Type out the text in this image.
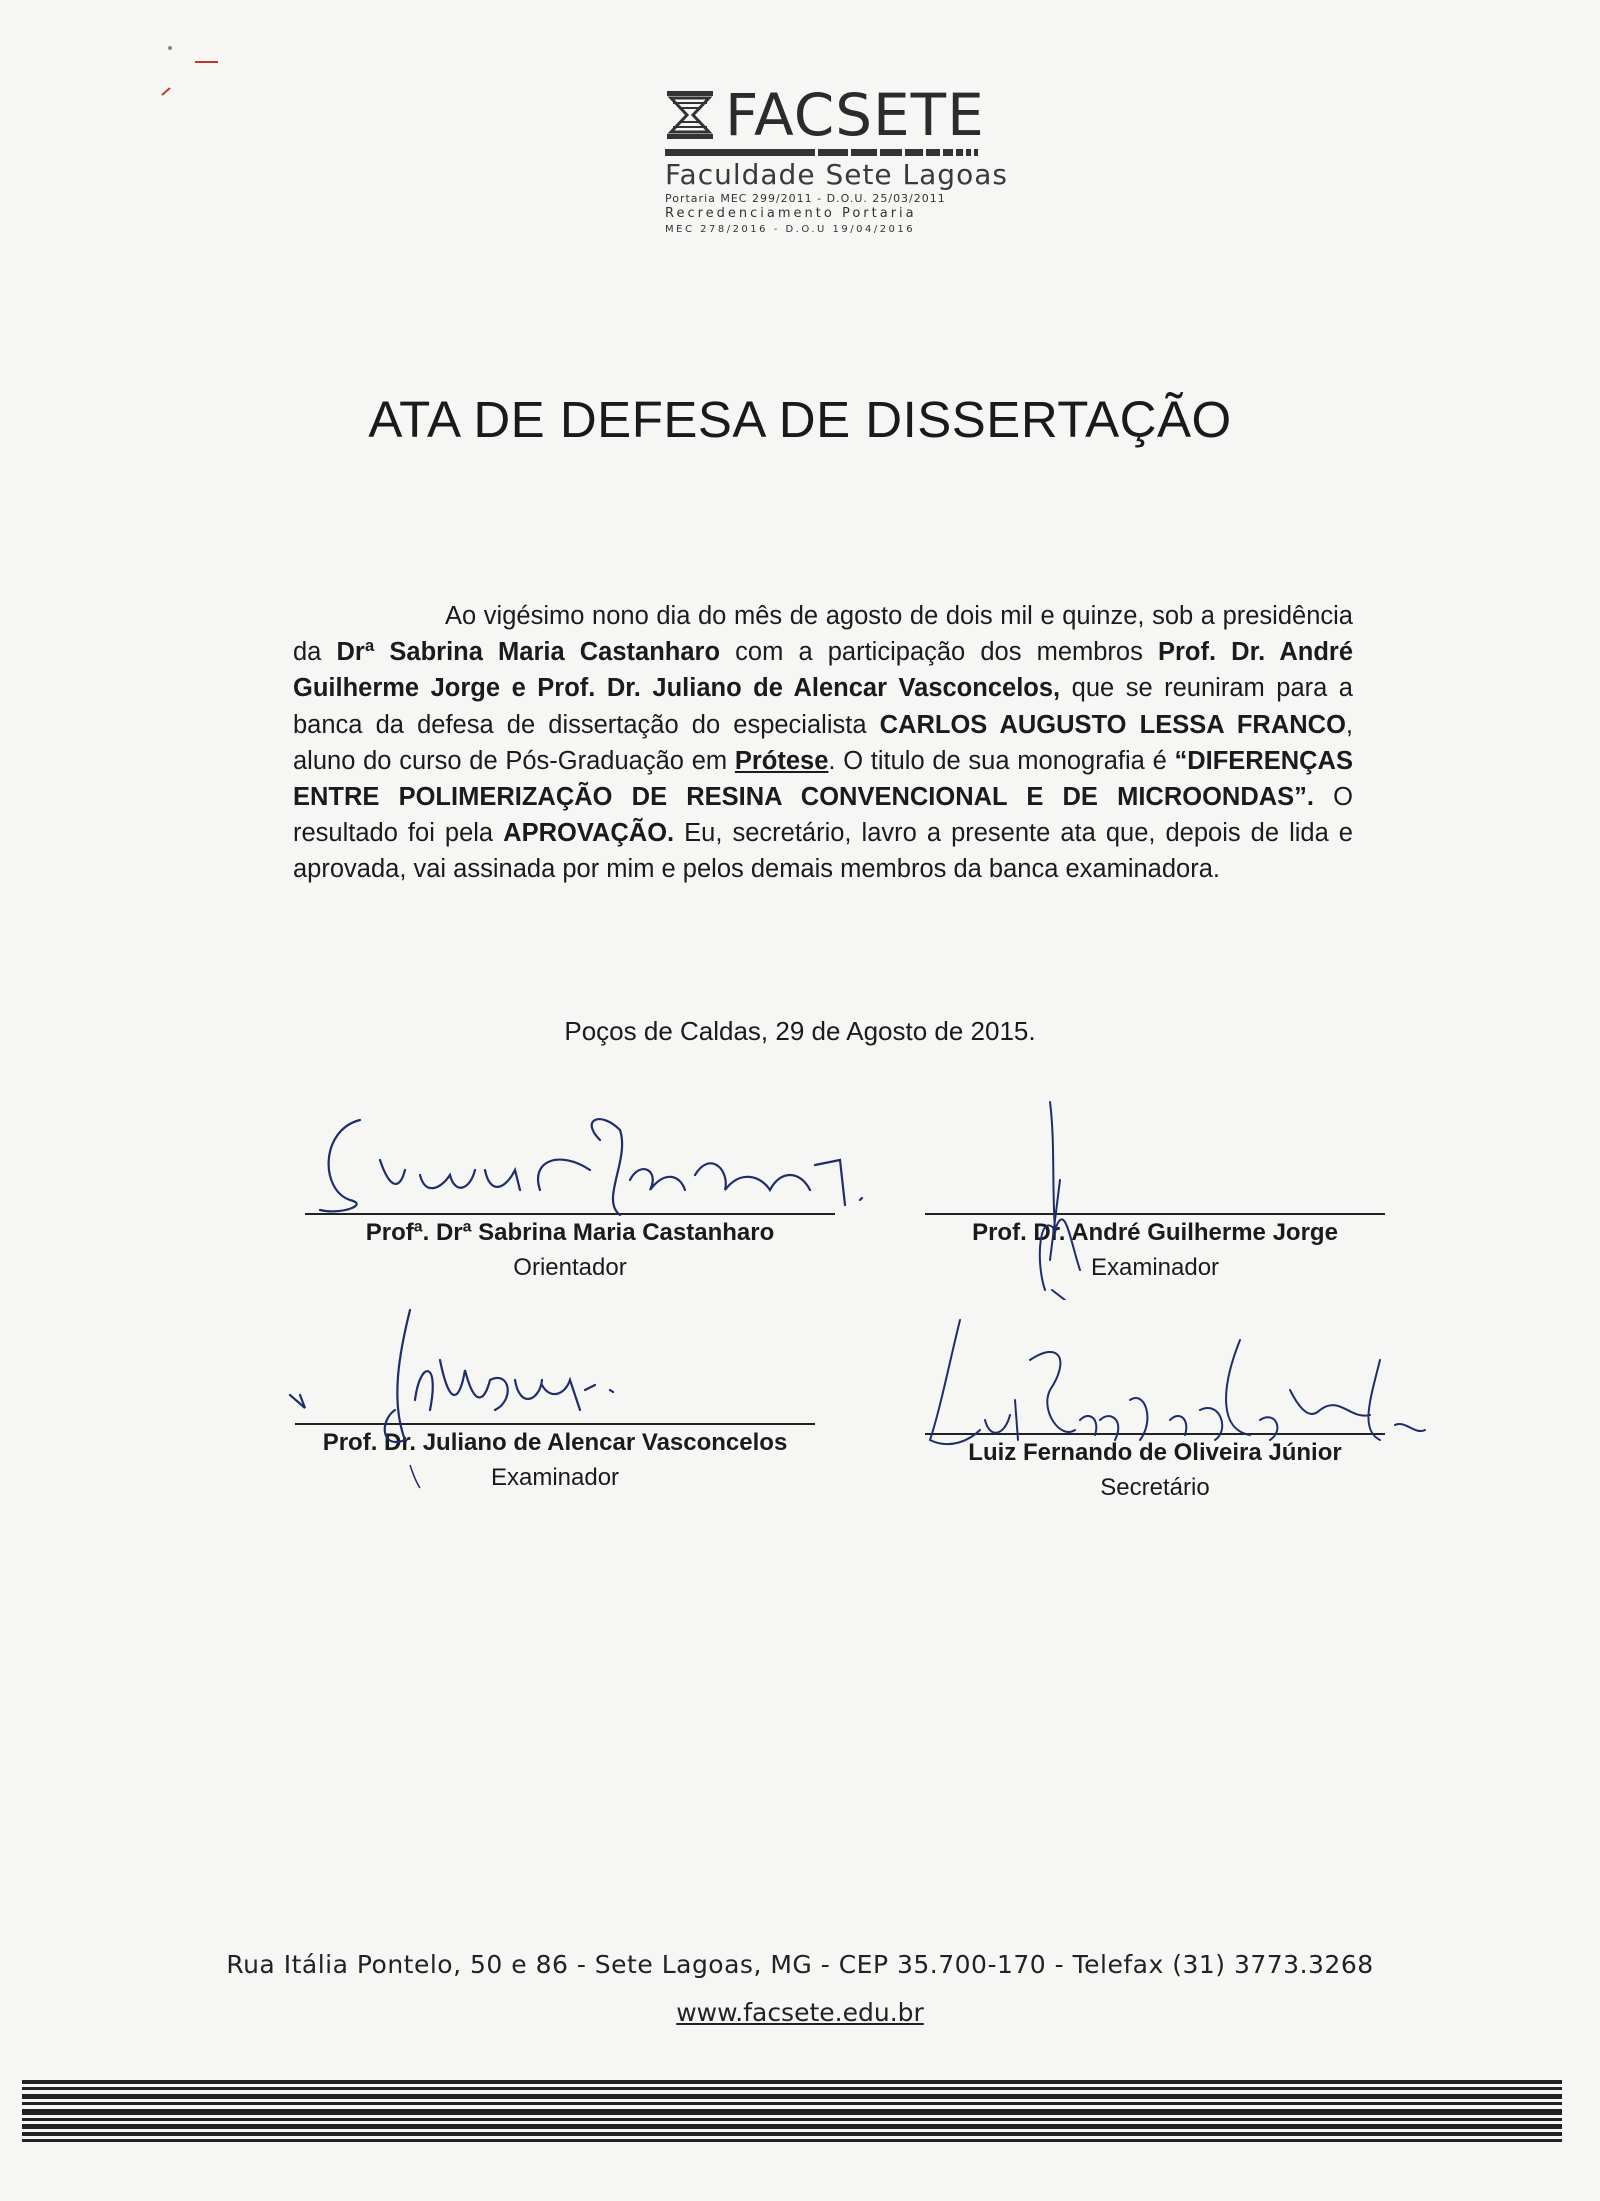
FACSETE
Faculdade Sete Lagoas
Portaria MEC 299/2011 - D.O.U. 25/03/2011
Recredenciamento Portaria
MEC 278/2016 - D.O.U 19/04/2016
ATA DE DEFESA DE DISSERTAÇÃO
Ao vigésimo nono dia do mês de agosto de dois mil e quinze, sob a presidência da Drª Sabrina Maria Castanharo com a participação dos membros Prof. Dr. André Guilherme Jorge e Prof. Dr. Juliano de Alencar Vasconcelos, que se reuniram para a banca da defesa de dissertação do especialista CARLOS AUGUSTO LESSA FRANCO, aluno do curso de Pós-Graduação em Prótese. O titulo de sua monografia é “DIFERENÇAS ENTRE POLIMERIZAÇÃO DE RESINA CONVENCIONAL E DE MICROONDAS”. O resultado foi pela APROVAÇÃO. Eu, secretário, lavro a presente ata que, depois de lida e aprovada, vai assinada por mim e pelos demais membros da banca examinadora.
Poços de Caldas, 29 de Agosto de 2015.
Profª. Drª Sabrina Maria Castanharo
Orientador
Prof. Dr. André Guilherme Jorge
Examinador
Prof. Dr. Juliano de Alencar Vasconcelos
Examinador
Luiz Fernando de Oliveira Júnior
Secretário
Rua Itália Pontelo, 50 e 86 - Sete Lagoas, MG - CEP 35.700-170 - Telefax (31) 3773.3268
www.facsete.edu.br
